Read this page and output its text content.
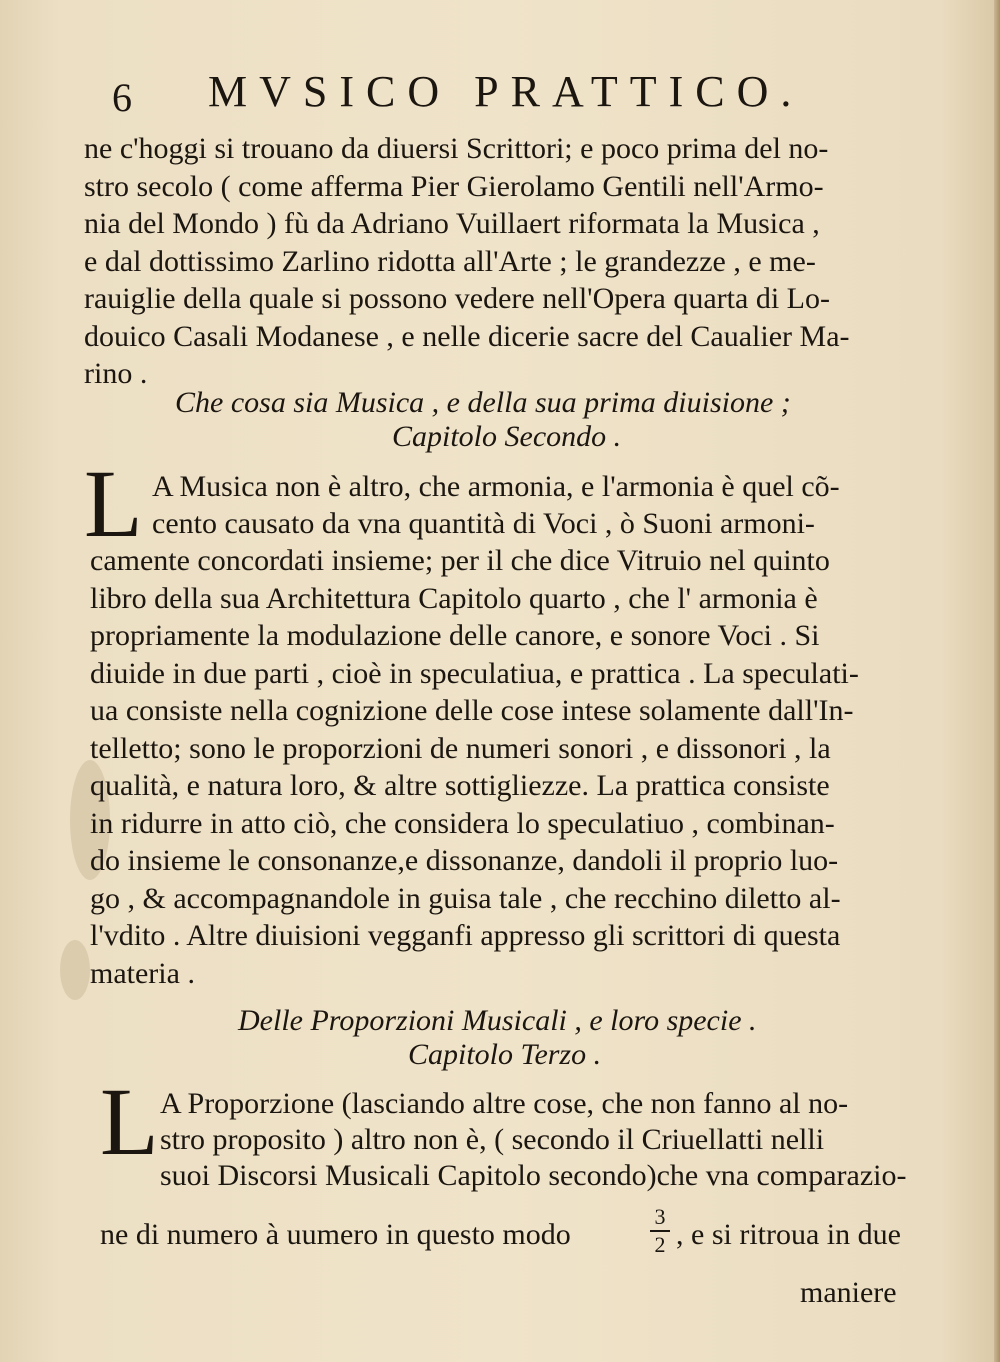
6 MVSICO PRATTICO.
ne c'hoggi si trouano da diuersi Scrittori; e poco prima del no-
stro secolo ( come afferma Pier Gierolamo Gentili nell'Armo-
nia del Mondo ) fù da Adriano Vuillaert riformata la Musica ,
e dal dottissimo Zarlino ridotta all'Arte ; le grandezze , e me-
rauiglie della quale si possono vedere nell'Opera quarta di Lo-
douico Casali Modanese , e nelle dicerie sacre del Caualier Ma-
rino .
Che cosa sia Musica , e della sua prima diuisione ;
Capitolo Secondo .
L A Musica non è altro, che armonia, e l'armonia è quel cõ-
cento causato da vna quantità di Voci , ò Suoni armoni-
camente concordati insieme; per il che dice Vitruio nel quinto
libro della sua Architettura Capitolo quarto , che l' armonia è
propriamente la modulazione delle canore, e sonore Voci . Si
diuide in due parti , cioè in speculatiua, e prattica . La speculati-
ua consiste nella cognizione delle cose intese solamente dall'In-
telletto; sono le proporzioni de numeri sonori , e dissonori , la
qualità, e natura loro, & altre sottigliezze. La prattica consiste
in ridurre in atto ciò, che considera lo speculatiuo , combinan-
do insieme le consonanze,e dissonanze, dandoli il proprio luo-
go , & accompagnandole in guisa tale , che recchino diletto al-
l'vdito . Altre diuisioni vegganfi appresso gli scrittori di questa
materia .
Delle Proporzioni Musicali , e loro specie .
Capitolo Terzo .
L A Proporzione (lasciando altre cose, che non fanno al no-
stro proposito ) altro non è, ( secondo il Criuellatti nelli
suoi Discorsi Musicali Capitolo secondo)che vna comparazio-
ne di numero à uumero in questo modo
3
2 , e si ritroua in due
maniere
